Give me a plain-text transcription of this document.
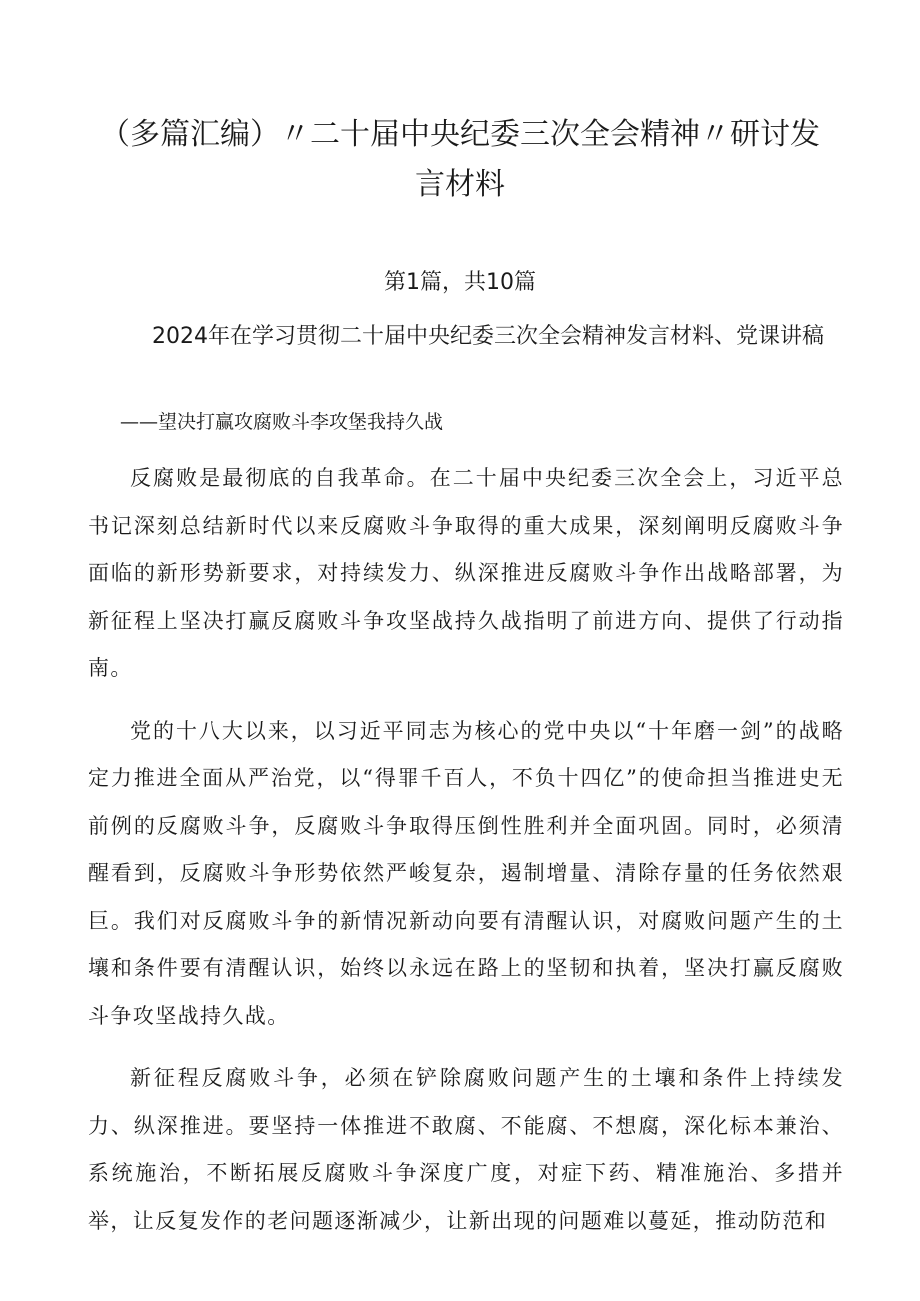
（多篇汇编）〃二十届中央纪委三次全会精神〃研讨发言材料
第1篇，共10篇
2024年在学习贯彻二十届中央纪委三次全会精神发言材料、党课讲稿
——望决打赢攻腐败斗李攻堡我持久战

反腐败是最彻底的自我革命。在二十届中央纪委三次全会上，习近平总书记深刻总结新时代以来反腐败斗争取得的重大成果，深刻阐明反腐败斗争面临的新形势新要求，对持续发力、纵深推进反腐败斗争作出战略部署，为新征程上坚决打赢反腐败斗争攻坚战持久战指明了前进方向、提供了行动指南。

党的十八大以来，以习近平同志为核心的党中央以“十年磨一剑”的战略定力推进全面从严治党，以“得罪千百人，不负十四亿”的使命担当推进史无前例的反腐败斗争，反腐败斗争取得压倒性胜利并全面巩固。同时，必须清醒看到，反腐败斗争形势依然严峻复杂，遏制增量、清除存量的任务依然艰巨。我们对反腐败斗争的新情况新动向要有清醒认识，对腐败问题产生的土壤和条件要有清醒认识，始终以永远在路上的坚韧和执着，坚决打赢反腐败斗争攻坚战持久战。

新征程反腐败斗争，必须在铲除腐败问题产生的土壤和条件上持续发力、纵深推进。要坚持一体推进不敢腐、不能腐、不想腐，深化标本兼治、系统施治，不断拓展反腐败斗争深度广度，对症下药、精准施治、多措并举，让反复发作的老问题逐渐减少，让新出现的问题难以蔓延，推动防范和
